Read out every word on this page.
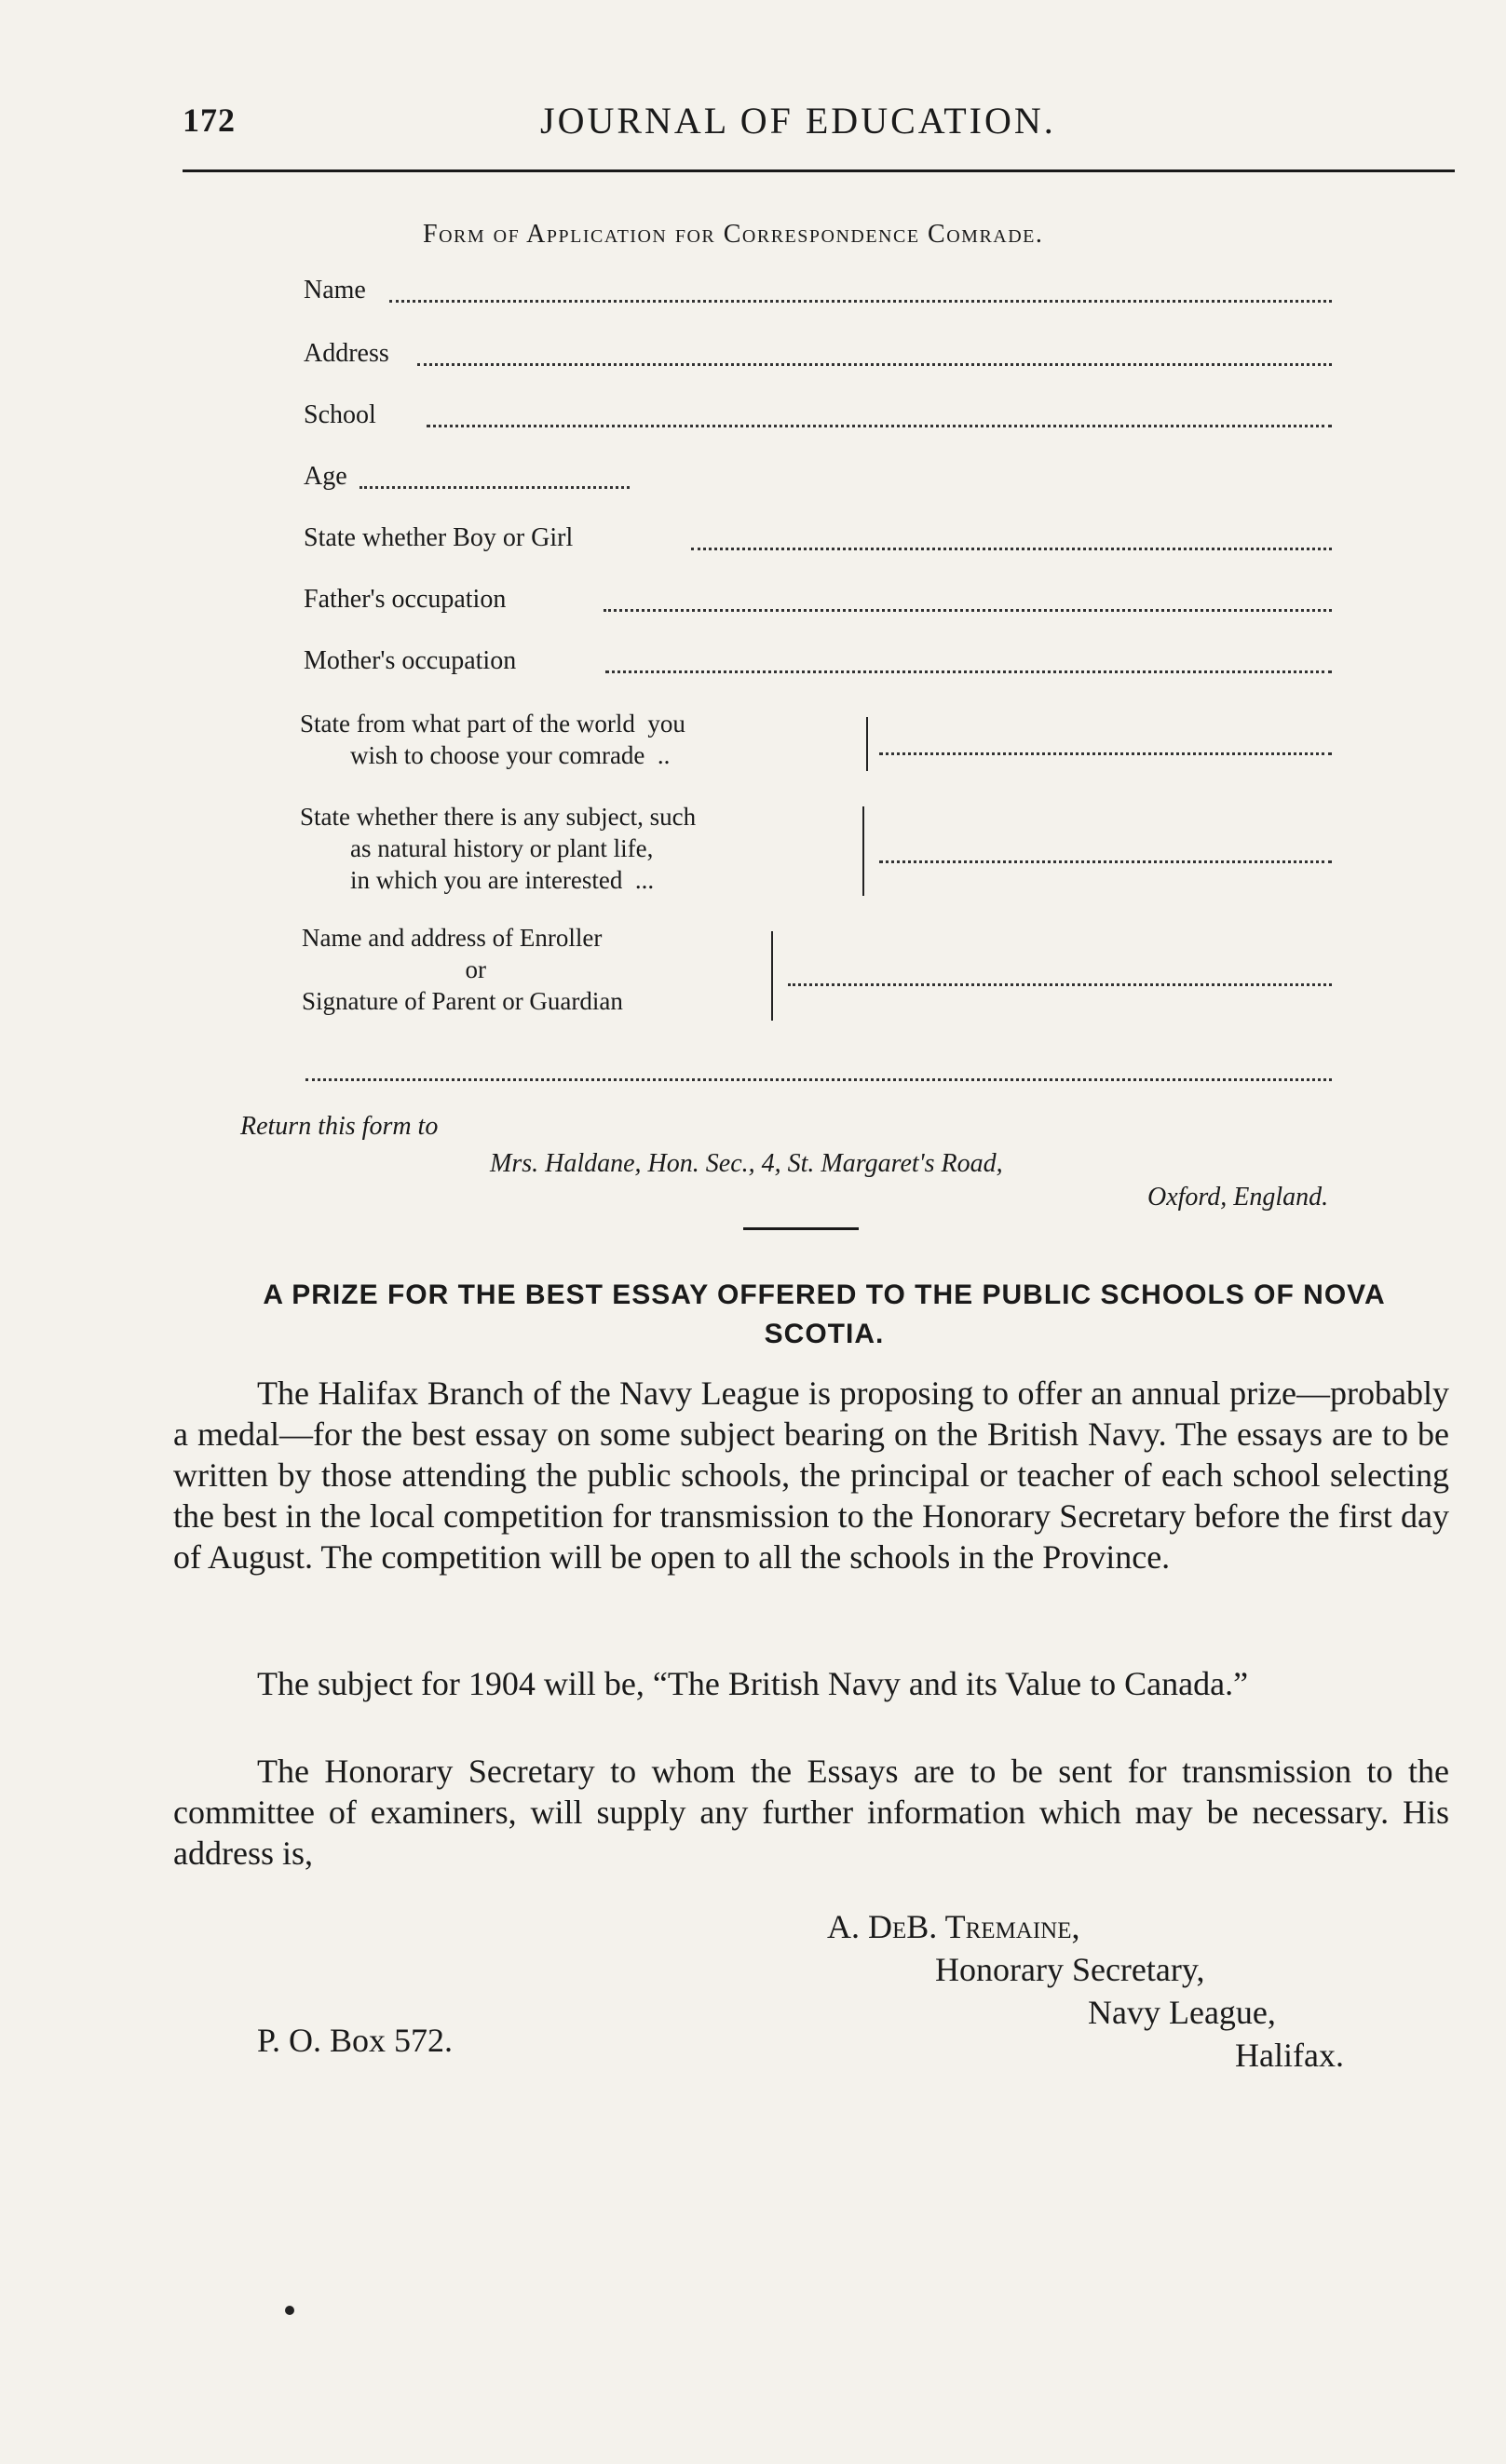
172	JOURNAL OF EDUCATION.
Form of Application for Correspondence Comrade.
Name
Address
School
Age
State whether Boy or Girl
Father's occupation
Mother's occupation
State from what part of the world  you
wish to choose your comrade  ..
State whether there is any subject, such
as natural history or plant life,
in which you are interested  ...
Name and address of Enroller
or
Signature of Parent or Guardian
Return this form to
Mrs. Haldane, Hon. Sec., 4, St. Margaret's Road,
Oxford, England.
A PRIZE FOR THE BEST ESSAY OFFERED TO THE PUBLIC SCHOOLS OF NOVA SCOTIA.
The Halifax Branch of the Navy League is proposing to offer an annual prize—probably a medal—for the best essay on some subject bearing on the British Navy. The essays are to be written by those attending the public schools, the principal or teacher of each school selecting the best in the local competition for transmission to the Honorary Secretary before the first day of August. The competition will be open to all the schools in the Province.
The subject for 1904 will be, “The British Navy and its Value to Canada.”
The Honorary Secretary to whom the Essays are to be sent for transmission to the committee of examiners, will supply any further information which may be necessary. His address is,
A. DeB. Tremaine,
Honorary Secretary,
Navy League,
Halifax.
P. O. Box 572.
